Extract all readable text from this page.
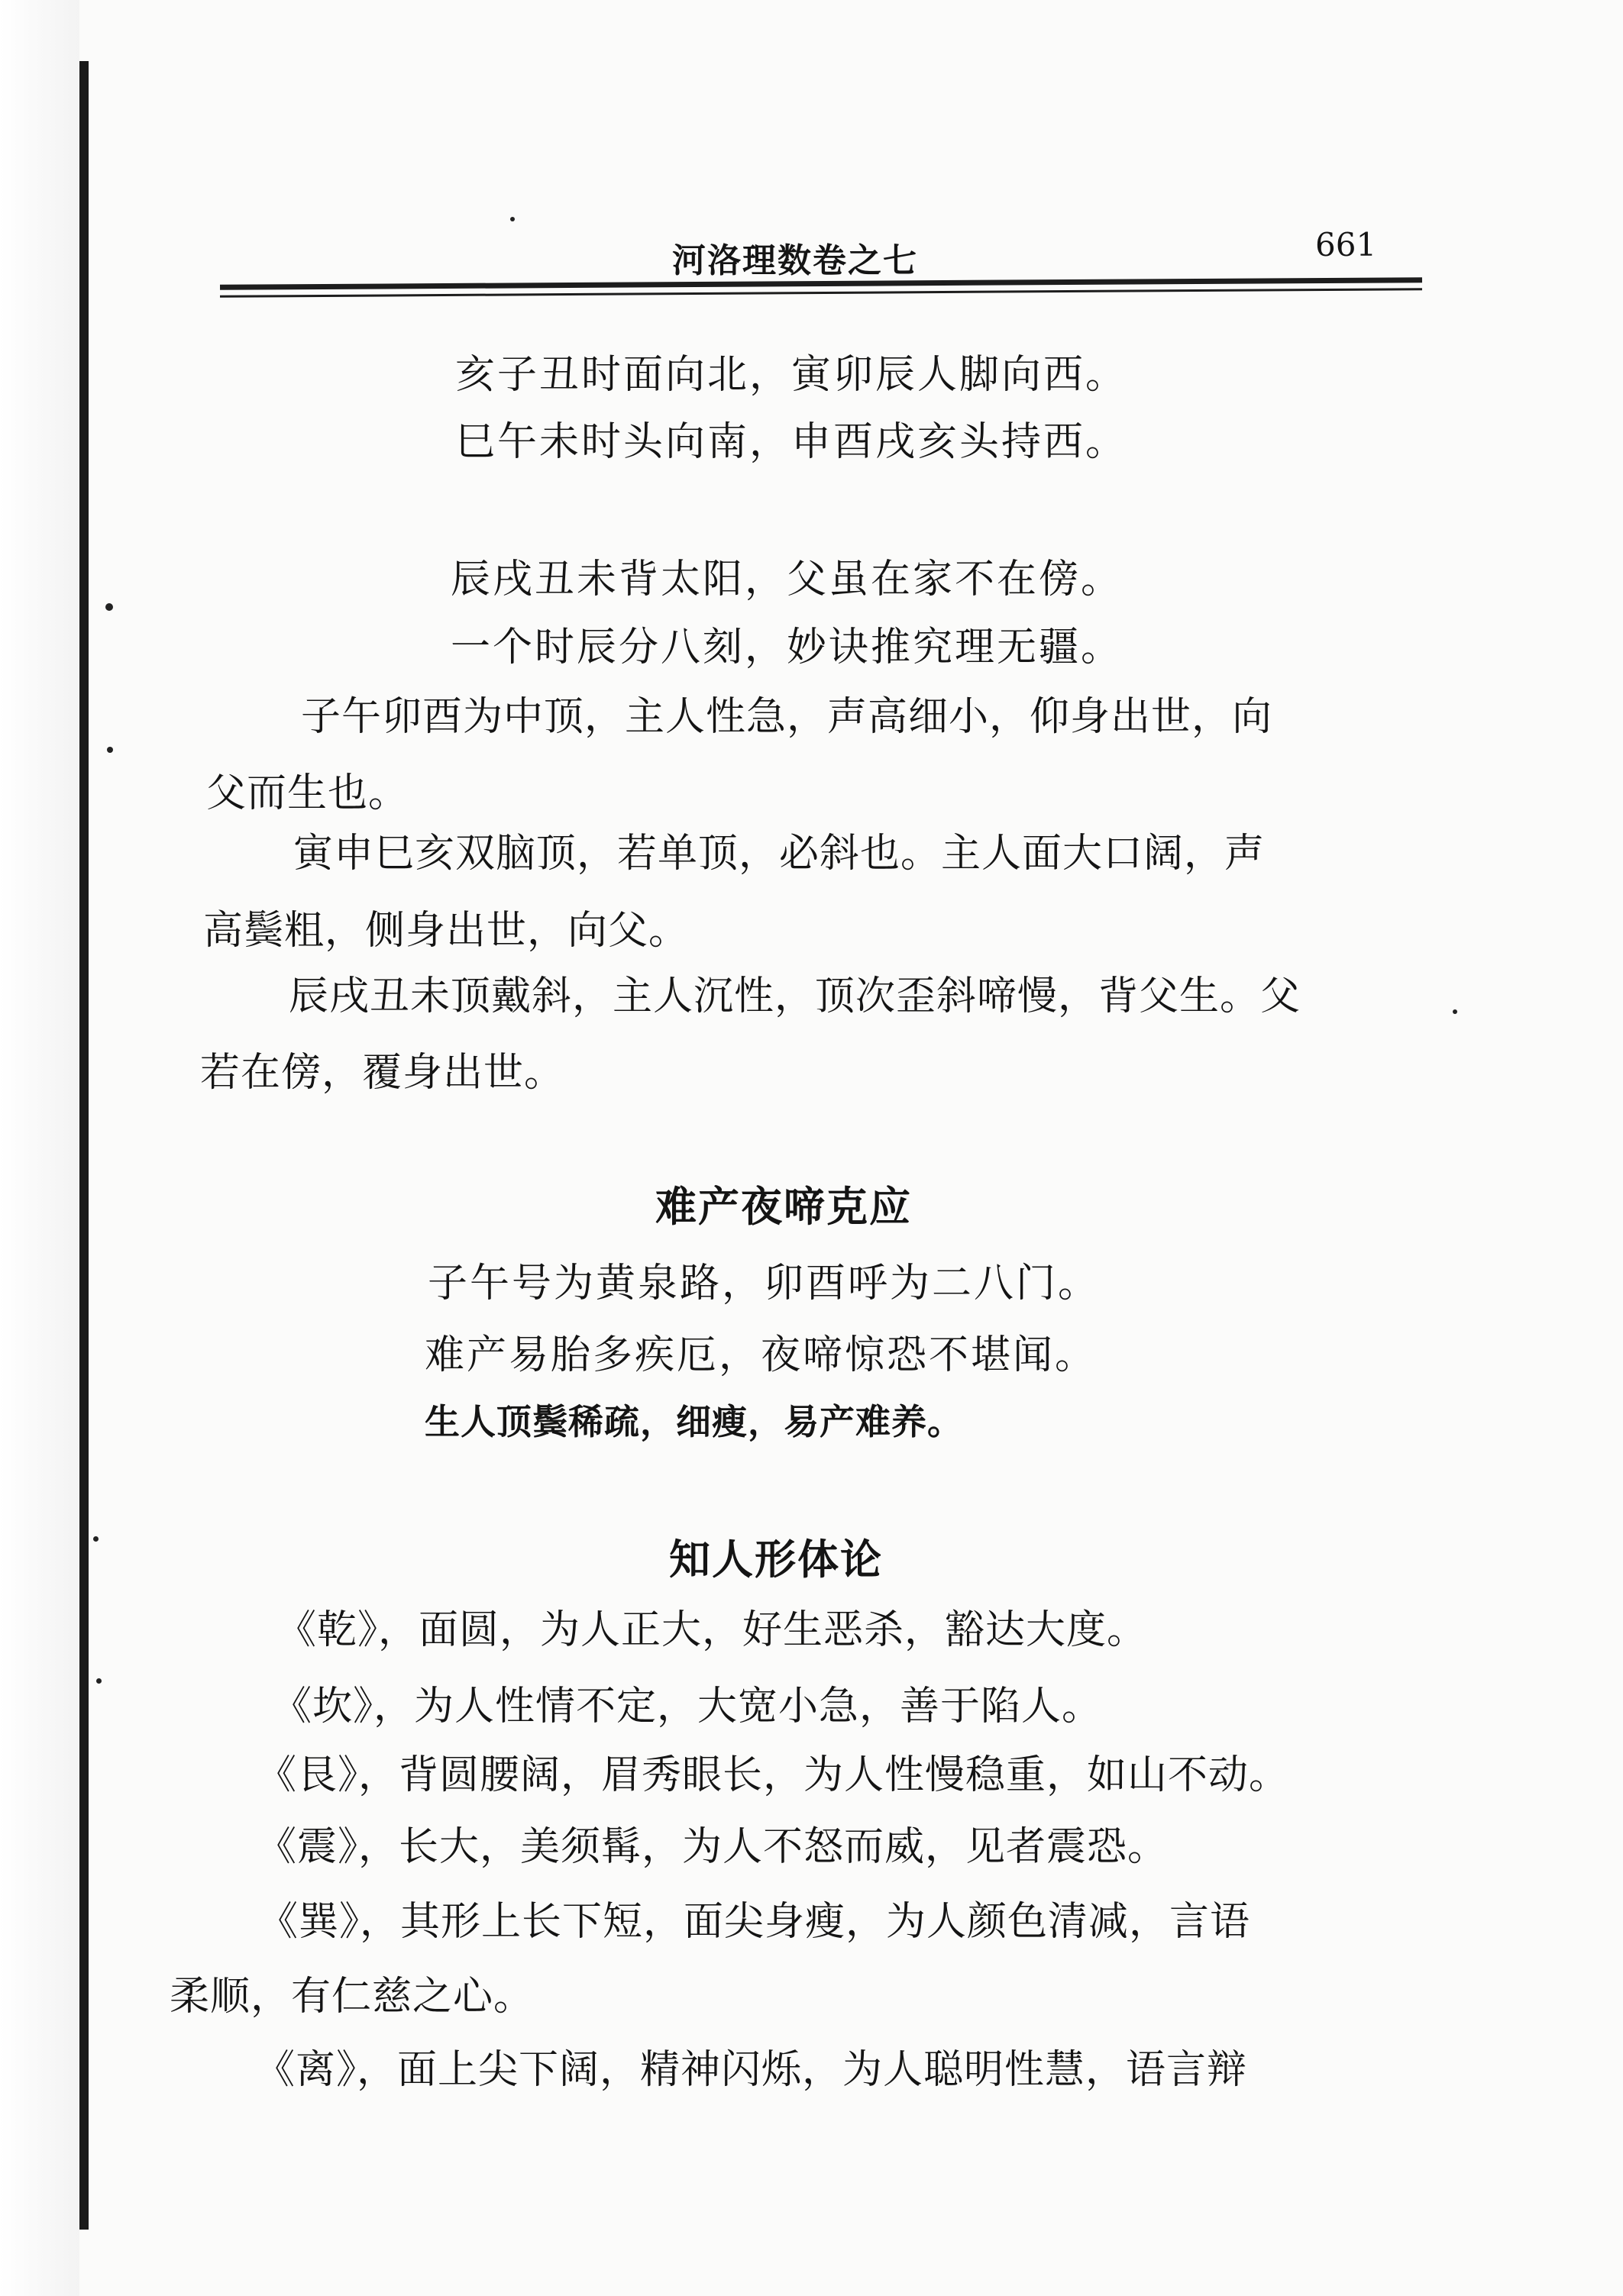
河洛理数卷之七	661
亥子丑时面向北，寅卯辰人脚向西。
巳午未时头向南，申酉戌亥头持西。
辰戌丑未背太阳，父虽在家不在傍。
一个时辰分八刻，妙诀推究理无疆。
子午卯酉为中顶，主人性急，声高细小，仰身出世，向
父而生也。
寅申巳亥双脑顶，若单顶，必斜也。主人面大口阔，声
高鬓粗，侧身出世，向父。
辰戌丑未顶戴斜，主人沉性，顶次歪斜啼慢，背父生。父
若在傍，覆身出世。
难产夜啼克应
子午号为黄泉路，卯酉呼为二八门。
难产易胎多疾厄，夜啼惊恐不堪闻。
生人顶鬓稀疏，细瘦，易产难养。
知人形体论
《乾》，面圆，为人正大，好生恶杀，豁达大度。
《坎》，为人性情不定，大宽小急，善于陷人。
《艮》，背圆腰阔，眉秀眼长，为人性慢稳重，如山不动。
《震》，长大，美须髯，为人不怒而威，见者震恐。
《巽》，其形上长下短，面尖身瘦，为人颜色清减，言语
柔顺，有仁慈之心。
《离》，面上尖下阔，精神闪烁，为人聪明性慧，语言辩
